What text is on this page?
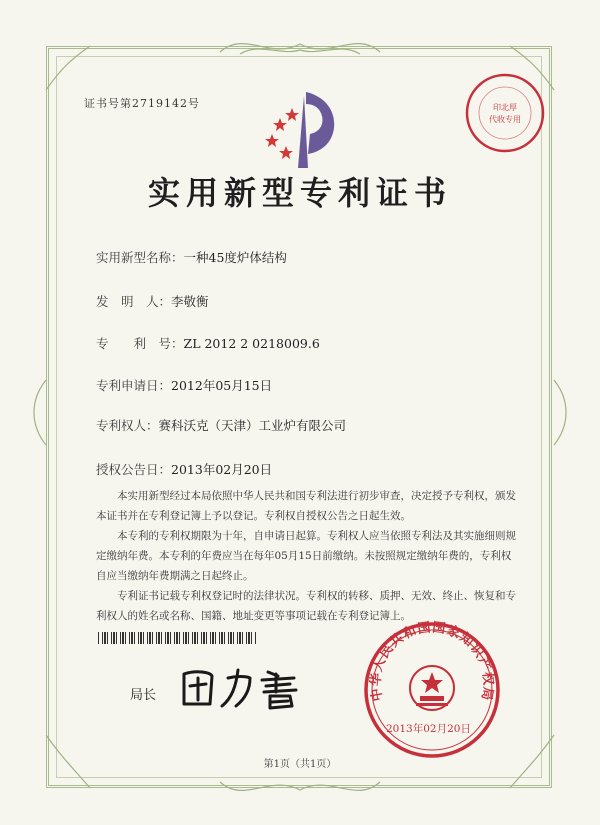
证书号第2719142号	印北厚
代收专用
实用新型专利证书
实用新型名称：一种45度炉体结构
发　明　人：李敬衡
专　　利　号：ZL 2012 2 0218009.6
专利申请日：2012年05月15日
专利权人：赛科沃克（天津）工业炉有限公司
授权公告日：2013年02月20日
本实用新型经过本局依照中华人民共和国专利法进行初步审查，决定授予专利权，颁发本证书并在专利登记簿上予以登记。专利权自授权公告之日起生效。
本专利的专利权期限为十年，自申请日起算。专利权人应当依照专利法及其实施细则规定缴纳年费。本专利的年费应当在每年05月15日前缴纳。未按照规定缴纳年费的，专利权自应当缴纳年费期满之日起终止。
专利证书记载专利权登记时的法律状况。专利权的转移、质押、无效、终止、恢复和专利权人的姓名或名称、国籍、地址变更等事项记载在专利登记簿上。
局长	中华人民共和国国家知识产权局
2013年02月20日
第1页（共1页）
